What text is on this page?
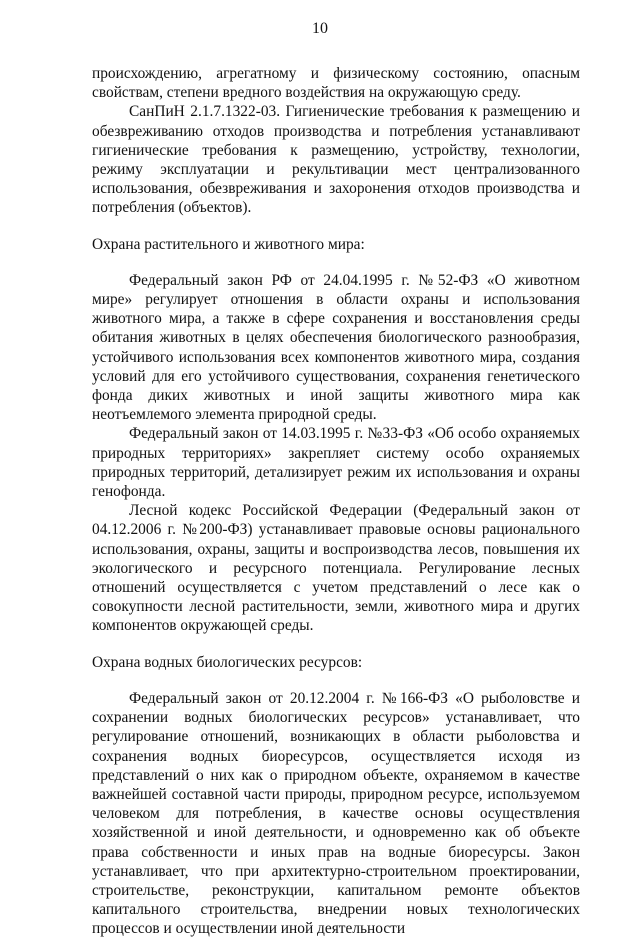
10

происхождению, агрегатному и физическому состоянию, опасным свойствам, степени вредного воздействия на окружающую среду.

СанПиН 2.1.7.1322-03. Гигиенические требования к размещению и обезвреживанию отходов производства и потребления устанавливают гигиенические требования к размещению, устройству, технологии, режиму эксплуатации и рекультивации мест централизованного использования, обезвреживания и захоронения отходов производства и потребления (объектов).

Охрана растительного и животного мира:

Федеральный закон РФ от 24.04.1995 г. №52-ФЗ «О животном мире» регулирует отношения в области охраны и использования животного мира, а также в сфере сохранения и восстановления среды обитания животных в целях обеспечения биологического разнообразия, устойчивого использования всех компонентов животного мира, создания условий для его устойчивого существования, сохранения генетического фонда диких животных и иной защиты животного мира как неотъемлемого элемента природной среды.

Федеральный закон от 14.03.1995 г. №33-ФЗ «Об особо охраняемых природных территориях» закрепляет систему особо охраняемых природных территорий, детализирует режим их использования и охраны генофонда.

Лесной кодекс Российской Федерации (Федеральный закон от 04.12.2006 г. №200-ФЗ) устанавливает правовые основы рационального использования, охраны, защиты и воспроизводства лесов, повышения их экологического и ресурсного потенциала. Регулирование лесных отношений осуществляется с учетом представлений о лесе как о совокупности лесной растительности, земли, животного мира и других компонентов окружающей среды.

Охрана водных биологических ресурсов:

Федеральный закон от 20.12.2004 г. №166-ФЗ «О рыболовстве и сохранении водных биологических ресурсов» устанавливает, что регулирование отношений, возникающих в области рыболовства и сохранения водных биоресурсов, осуществляется исходя из представлений о них как о природном объекте, охраняемом в качестве важнейшей составной части природы, природном ресурсе, используемом человеком для потребления, в качестве основы осуществления хозяйственной и иной деятельности, и одновременно как об объекте права собственности и иных прав на водные биоресурсы. Закон устанавливает, что при архитектурно-строительном проектировании, строительстве, реконструкции, капитальном ремонте объектов капитального строительства, внедрении новых технологических процессов и осуществлении иной деятельности
